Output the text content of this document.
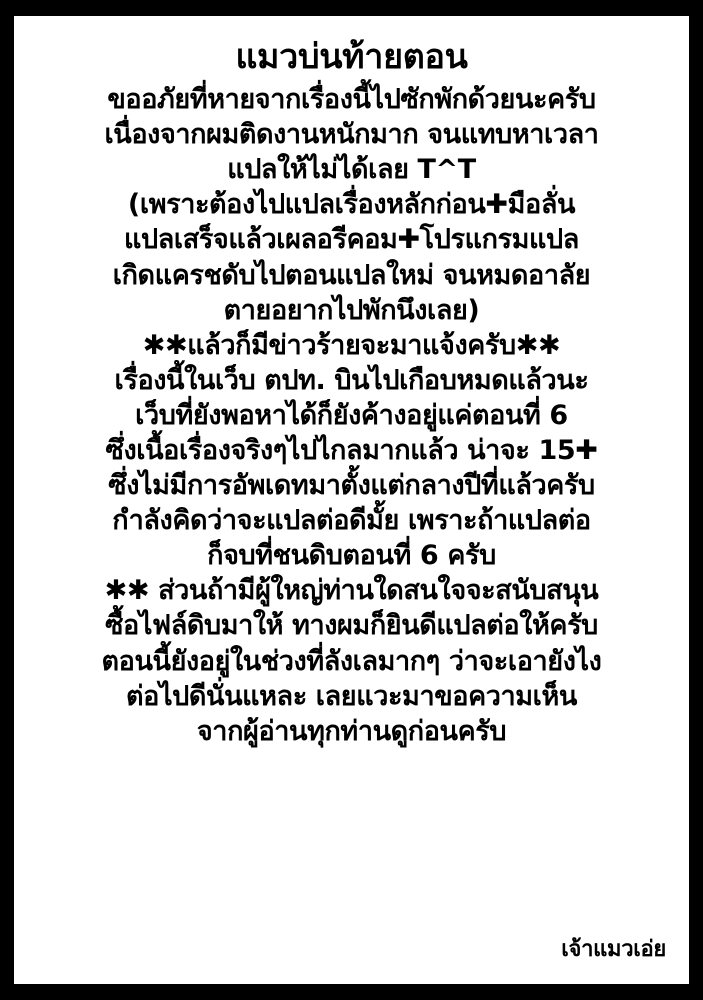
แมวบ่นท้ายตอน
ขออภัยที่หายจากเรื่องนี้ไปซักพักด้วยนะครับ
เนื่องจากผมติดงานหนักมาก จนแทบหาเวลา
แปลให้ไม่ได้เลย T^T
(เพราะต้องไปแปลเรื่องหลักก่อน✚มือลั่น
แปลเสร็จแล้วเผลอรีคอม✚โปรแกรมแปล
เกิดแครชดับไปตอนแปลใหม่ จนหมดอาลัย
ตายอยากไปพักนึงเลย)
✱✱แล้วก็มีข่าวร้ายจะมาแจ้งครับ✱✱
เรื่องนี้ในเว็บ ตปท. บินไปเกือบหมดแล้วนะ
เว็บที่ยังพอหาได้ก็ยังค้างอยู่แค่ตอนที่ 6
ซึ่งเนื้อเรื่องจริงๆไปไกลมากแล้ว น่าจะ 15✚
ซึ่งไม่มีการอัพเดทมาตั้งแต่กลางปีที่แล้วครับ
กำลังคิดว่าจะแปลต่อดีมั้ย เพราะถ้าแปลต่อ
ก็จบที่ชนดิบตอนที่ 6 ครับ
✱✱ ส่วนถ้ามีผู้ใหญ่ท่านใดสนใจจะสนับสนุน
ซื้อไฟล์ดิบมาให้ ทางผมก็ยินดีแปลต่อให้ครับ
ตอนนี้ยังอยู่ในช่วงที่ลังเลมากๆ ว่าจะเอายังไง
ต่อไปดีนั่นแหละ เลยแวะมาขอความเห็น
จากผู้อ่านทุกท่านดูก่อนครับ
เจ้าแมวเอ่ย
